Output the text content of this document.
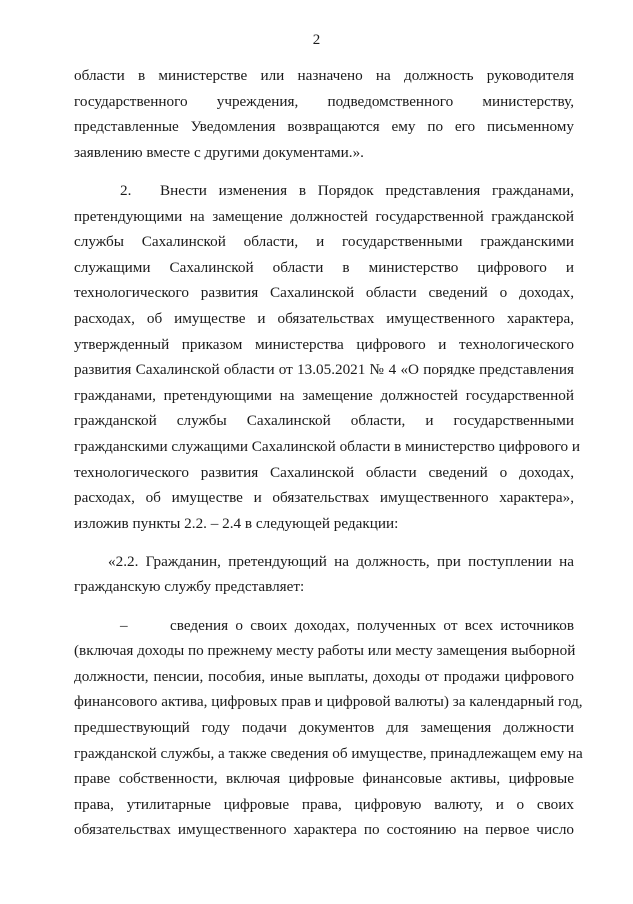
2
области в министерстве или назначено на должность руководителя
государственного учреждения, подведомственного министерству,
представленные Уведомления возвращаются ему по его письменному
заявлению вместе с другими документами.».
2.	Внести изменения в Порядок представления гражданами,
претендующими на замещение должностей государственной гражданской
службы Сахалинской области, и государственными гражданскими
служащими Сахалинской области в министерство цифрового и
технологического развития Сахалинской области сведений о доходах,
расходах, об имуществе и обязательствах имущественного характера,
утвержденный приказом министерства цифрового и технологического
развития Сахалинской области от 13.05.2021 № 4 «О порядке представления
гражданами, претендующими на замещение должностей государственной
гражданской службы Сахалинской области, и государственными
гражданскими служащими Сахалинской области в министерство цифрового и
технологического развития Сахалинской области сведений о доходах,
расходах, об имуществе и обязательствах имущественного характера»,
изложив пункты 2.2. – 2.4 в следующей редакции:
«2.2. Гражданин, претендующий на должность, при поступлении на
гражданскую службу представляет:
–	сведения о своих доходах, полученных от всех источников
(включая доходы по прежнему месту работы или месту замещения выборной
должности, пенсии, пособия, иные выплаты, доходы от продажи цифрового
финансового актива, цифровых прав и цифровой валюты) за календарный год,
предшествующий году подачи документов для замещения должности
гражданской службы, а также сведения об имуществе, принадлежащем ему на
праве собственности, включая цифровые финансовые активы, цифровые
права, утилитарные цифровые права, цифровую валюту, и о своих
обязательствах имущественного характера по состоянию на первое число
